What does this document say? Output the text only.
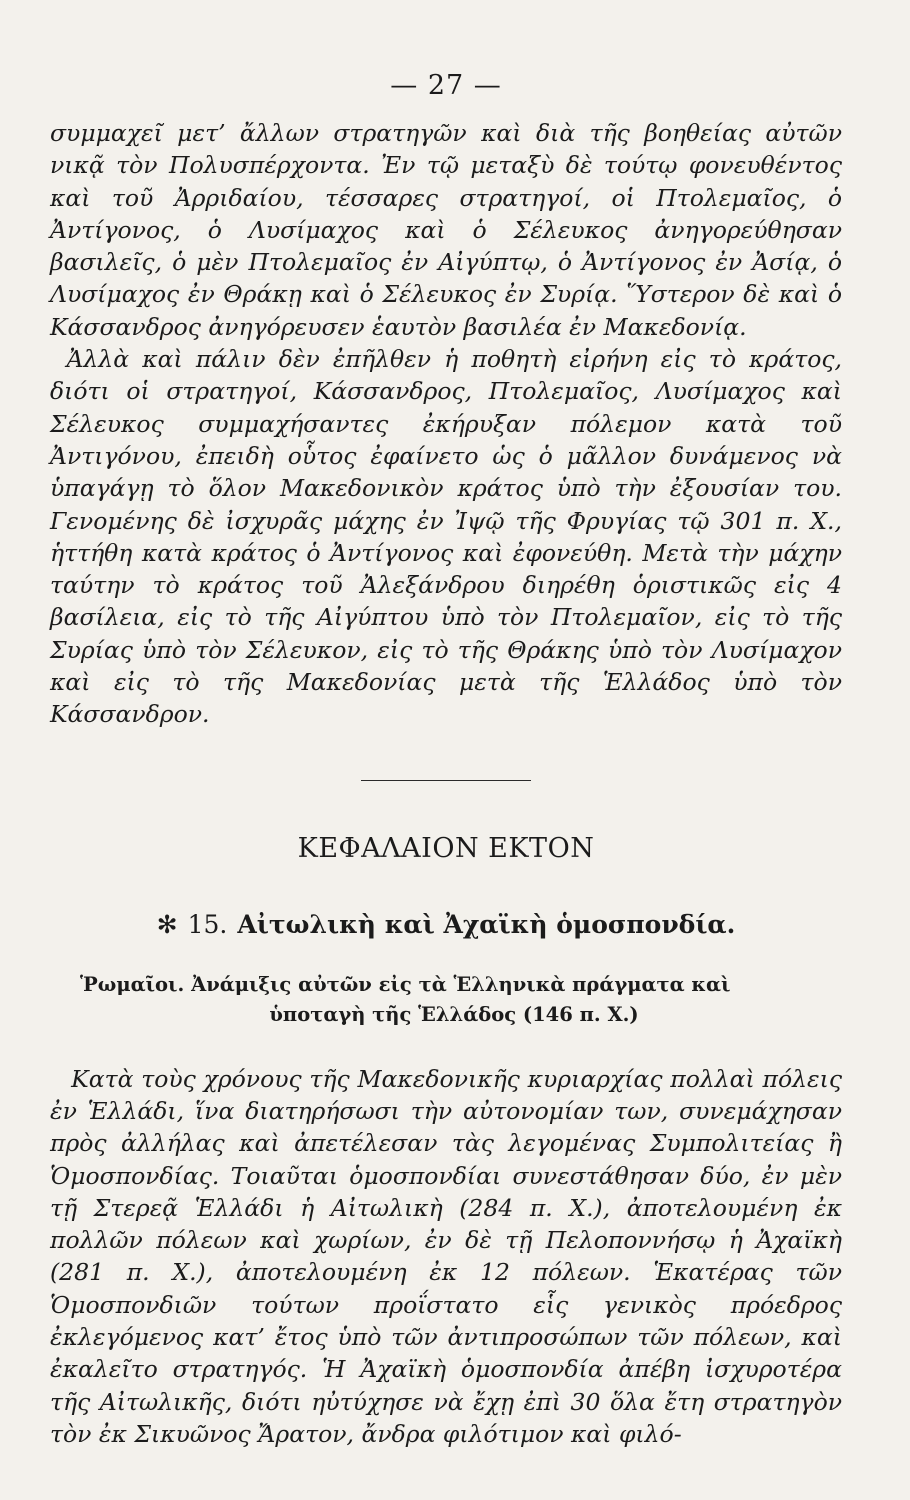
— 27 —

συμμαχεῖ μετ’ ἄλλων στρατηγῶν καὶ διὰ τῆς βοηθείας αὐτῶν νικᾷ τὸν Πολυσπέρχοντα. Ἐν τῷ μεταξὺ δὲ τούτῳ φονευθέντος καὶ τοῦ Ἀρριδαίου, τέσσαρες στρατηγοί, οἱ Πτολεμαῖος, ὁ Ἀντίγονος, ὁ Λυσίμαχος καὶ ὁ Σέλευκος ἀνηγορεύθησαν βασιλεῖς, ὁ μὲν Πτολεμαῖος ἐν Αἰγύπτῳ, ὁ Ἀντίγονος ἐν Ἀσίᾳ, ὁ Λυσίμαχος ἐν Θράκῃ καὶ ὁ Σέλευκος ἐν Συρίᾳ. Ὕστερον δὲ καὶ ὁ Κάσσανδρος ἀνηγόρευσεν ἑαυτὸν βασιλέα ἐν Μακεδονίᾳ.

Ἀλλὰ καὶ πάλιν δὲν ἐπῆλθεν ἡ ποθητὴ εἰρήνη εἰς τὸ κράτος, διότι οἱ στρατηγοί, Κάσσανδρος, Πτολεμαῖος, Λυσίμαχος καὶ Σέλευκος συμμαχήσαντες ἐκήρυξαν πόλεμον κατὰ τοῦ Ἀντιγόνου, ἐπειδὴ οὗτος ἐφαίνετο ὡς ὁ μᾶλλον δυνάμενος νὰ ὑπαγάγῃ τὸ ὅλον Μακεδονικὸν κράτος ὑπὸ τὴν ἐξουσίαν του. Γενομένης δὲ ἰσχυρᾶς μάχης ἐν Ἰψῷ τῆς Φρυγίας τῷ 301 π. Χ., ἡττήθη κατὰ κράτος ὁ Ἀντίγονος καὶ ἐφονεύθη. Μετὰ τὴν μάχην ταύτην τὸ κράτος τοῦ Ἀλεξάνδρου διηρέθη ὁριστικῶς εἰς 4 βασίλεια, εἰς τὸ τῆς Αἰγύπτου ὑπὸ τὸν Πτολεμαῖον, εἰς τὸ τῆς Συρίας ὑπὸ τὸν Σέλευκον, εἰς τὸ τῆς Θράκης ὑπὸ τὸν Λυσίμαχον καὶ εἰς τὸ τῆς Μακεδονίας μετὰ τῆς Ἑλλάδος ὑπὸ τὸν Κάσσανδρον.

ΚΕΦΑΛΑΙΟΝ ΕΚΤΟΝ
✻ 15. Αἰτωλικὴ καὶ Ἀχαϊκὴ ὁμοσπονδία.
Ῥωμαῖοι. Ἀνάμιξις αὐτῶν εἰς τὰ Ἑλληνικὰ πράγματα καὶ
ὑποταγὴ τῆς Ἑλλάδος (146 π. Χ.)

Κατὰ τοὺς χρόνους τῆς Μακεδονικῆς κυριαρχίας πολλαὶ πόλεις ἐν Ἑλλάδι, ἵνα διατηρήσωσι τὴν αὐτονομίαν των, συνεμάχησαν πρὸς ἀλλήλας καὶ ἀπετέλεσαν τὰς λεγομένας Συμπολιτείας ἢ Ὁμοσπονδίας. Τοιαῦται ὁμοσπονδίαι συνεστάθησαν δύο, ἐν μὲν τῇ Στερεᾷ Ἑλλάδι ἡ Αἰτωλικὴ (284 π. Χ.), ἀποτελουμένη ἐκ πολλῶν πόλεων καὶ χωρίων, ἐν δὲ τῇ Πελοποννήσῳ ἡ Ἀχαϊκὴ (281 π. Χ.), ἀποτελουμένη ἐκ 12 πόλεων. Ἑκατέρας τῶν Ὁμοσπονδιῶν τούτων προΐστατο εἷς γενικὸς πρόεδρος ἐκλεγόμενος κατ’ ἔτος ὑπὸ τῶν ἀντιπροσώπων τῶν πόλεων, καὶ ἐκαλεῖτο στρατηγός. Ἡ Ἀχαϊκὴ ὁμοσπονδία ἀπέβη ἰσχυροτέρα τῆς Αἰτωλικῆς, διότι ηὐτύχησε νὰ ἔχῃ ἐπὶ 30 ὅλα ἔτη στρατηγὸν τὸν ἐκ Σικυῶνος Ἄρατον, ἄνδρα φιλότιμον καὶ φιλό-
